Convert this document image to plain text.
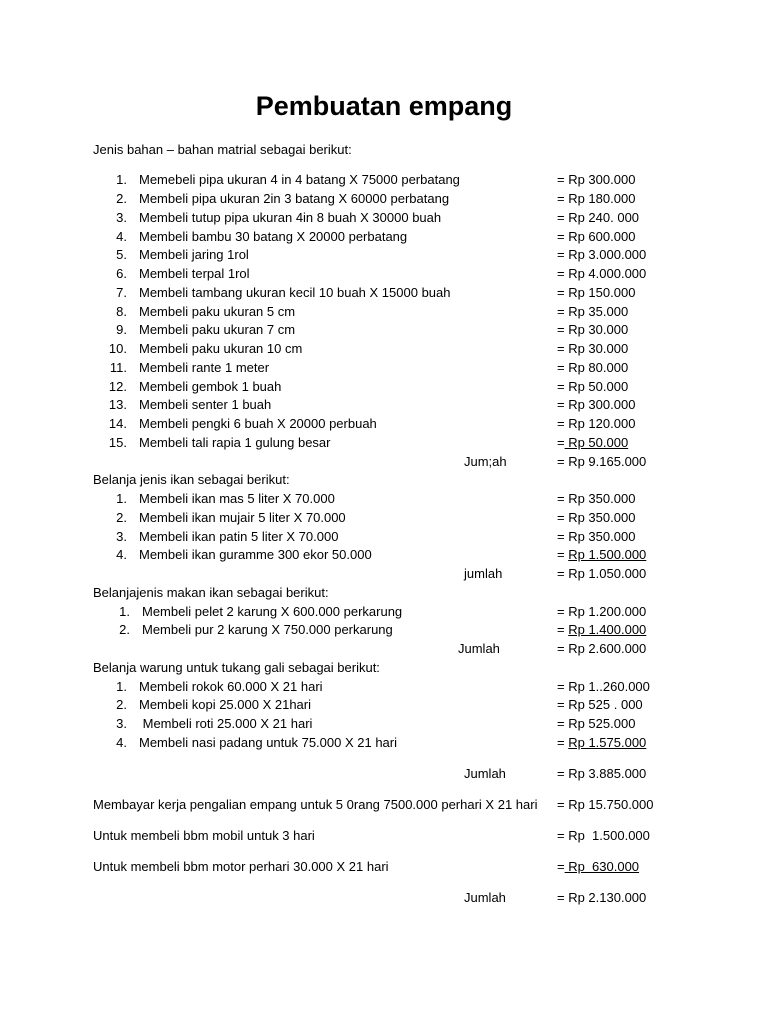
Pembuatan empang
Jenis bahan – bahan matrial sebagai berikut:
1. Memebeli pipa ukuran 4 in 4 batang X 75000 perbatang	= Rp 300.000
2. Membeli pipa ukuran 2in 3 batang X 60000 perbatang	= Rp 180.000
3. Membeli tutup pipa ukuran 4in 8 buah X 30000 buah	= Rp 240. 000
4. Membeli bambu 30 batang X 20000 perbatang	= Rp 600.000
5. Membeli jaring 1rol	= Rp 3.000.000
6. Membeli terpal 1rol	= Rp 4.000.000
7. Membeli tambang ukuran kecil 10 buah X 15000 buah	= Rp 150.000
8. Membeli paku ukuran 5 cm	= Rp 35.000
9. Membeli paku ukuran 7 cm	= Rp 30.000
10. Membeli paku ukuran 10 cm	= Rp 30.000
11. Membeli rante 1 meter	= Rp 80.000
12. Membeli gembok 1 buah	= Rp 50.000
13. Membeli senter 1 buah	= Rp 300.000
14. Membeli pengki 6 buah X 20000 perbuah	= Rp 120.000
15. Membeli tali rapia 1 gulung besar	= Rp 50.000
Jum;ah	= Rp 9.165.000
Belanja jenis ikan sebagai berikut:
1. Membeli ikan mas 5 liter X 70.000	= Rp 350.000
2. Membeli ikan mujair 5 liter X 70.000	= Rp 350.000
3. Membeli ikan patin 5 liter X 70.000	= Rp 350.000
4. Membeli ikan guramme 300 ekor 50.000	= Rp 1.500.000
jumlah	= Rp 1.050.000
Belanjajenis makan ikan sebagai berikut:
1. Membeli pelet 2 karung X 600.000 perkarung	= Rp 1.200.000
2. Membeli pur 2 karung X 750.000 perkarung	= Rp 1.400.000
Jumlah	= Rp 2.600.000
Belanja warung untuk tukang gali sebagai berikut:
1. Membeli rokok 60.000 X 21 hari	= Rp 1..260.000
2. Membeli kopi 25.000 X 21hari	= Rp 525 . 000
3. Membeli roti 25.000 X 21 hari	= Rp 525.000
4. Membeli nasi padang untuk 75.000 X 21 hari	= Rp 1.575.000
Jumlah	= Rp 3.885.000
Membayar kerja pengalian empang untuk 5 0rang 7500.000 perhari X 21 hari = Rp 15.750.000
Untuk membeli bbm mobil untuk 3 hari	= Rp  1.500.000
Untuk membeli bbm motor perhari 30.000 X 21 hari	= Rp  630.000
Jumlah	= Rp 2.130.000
